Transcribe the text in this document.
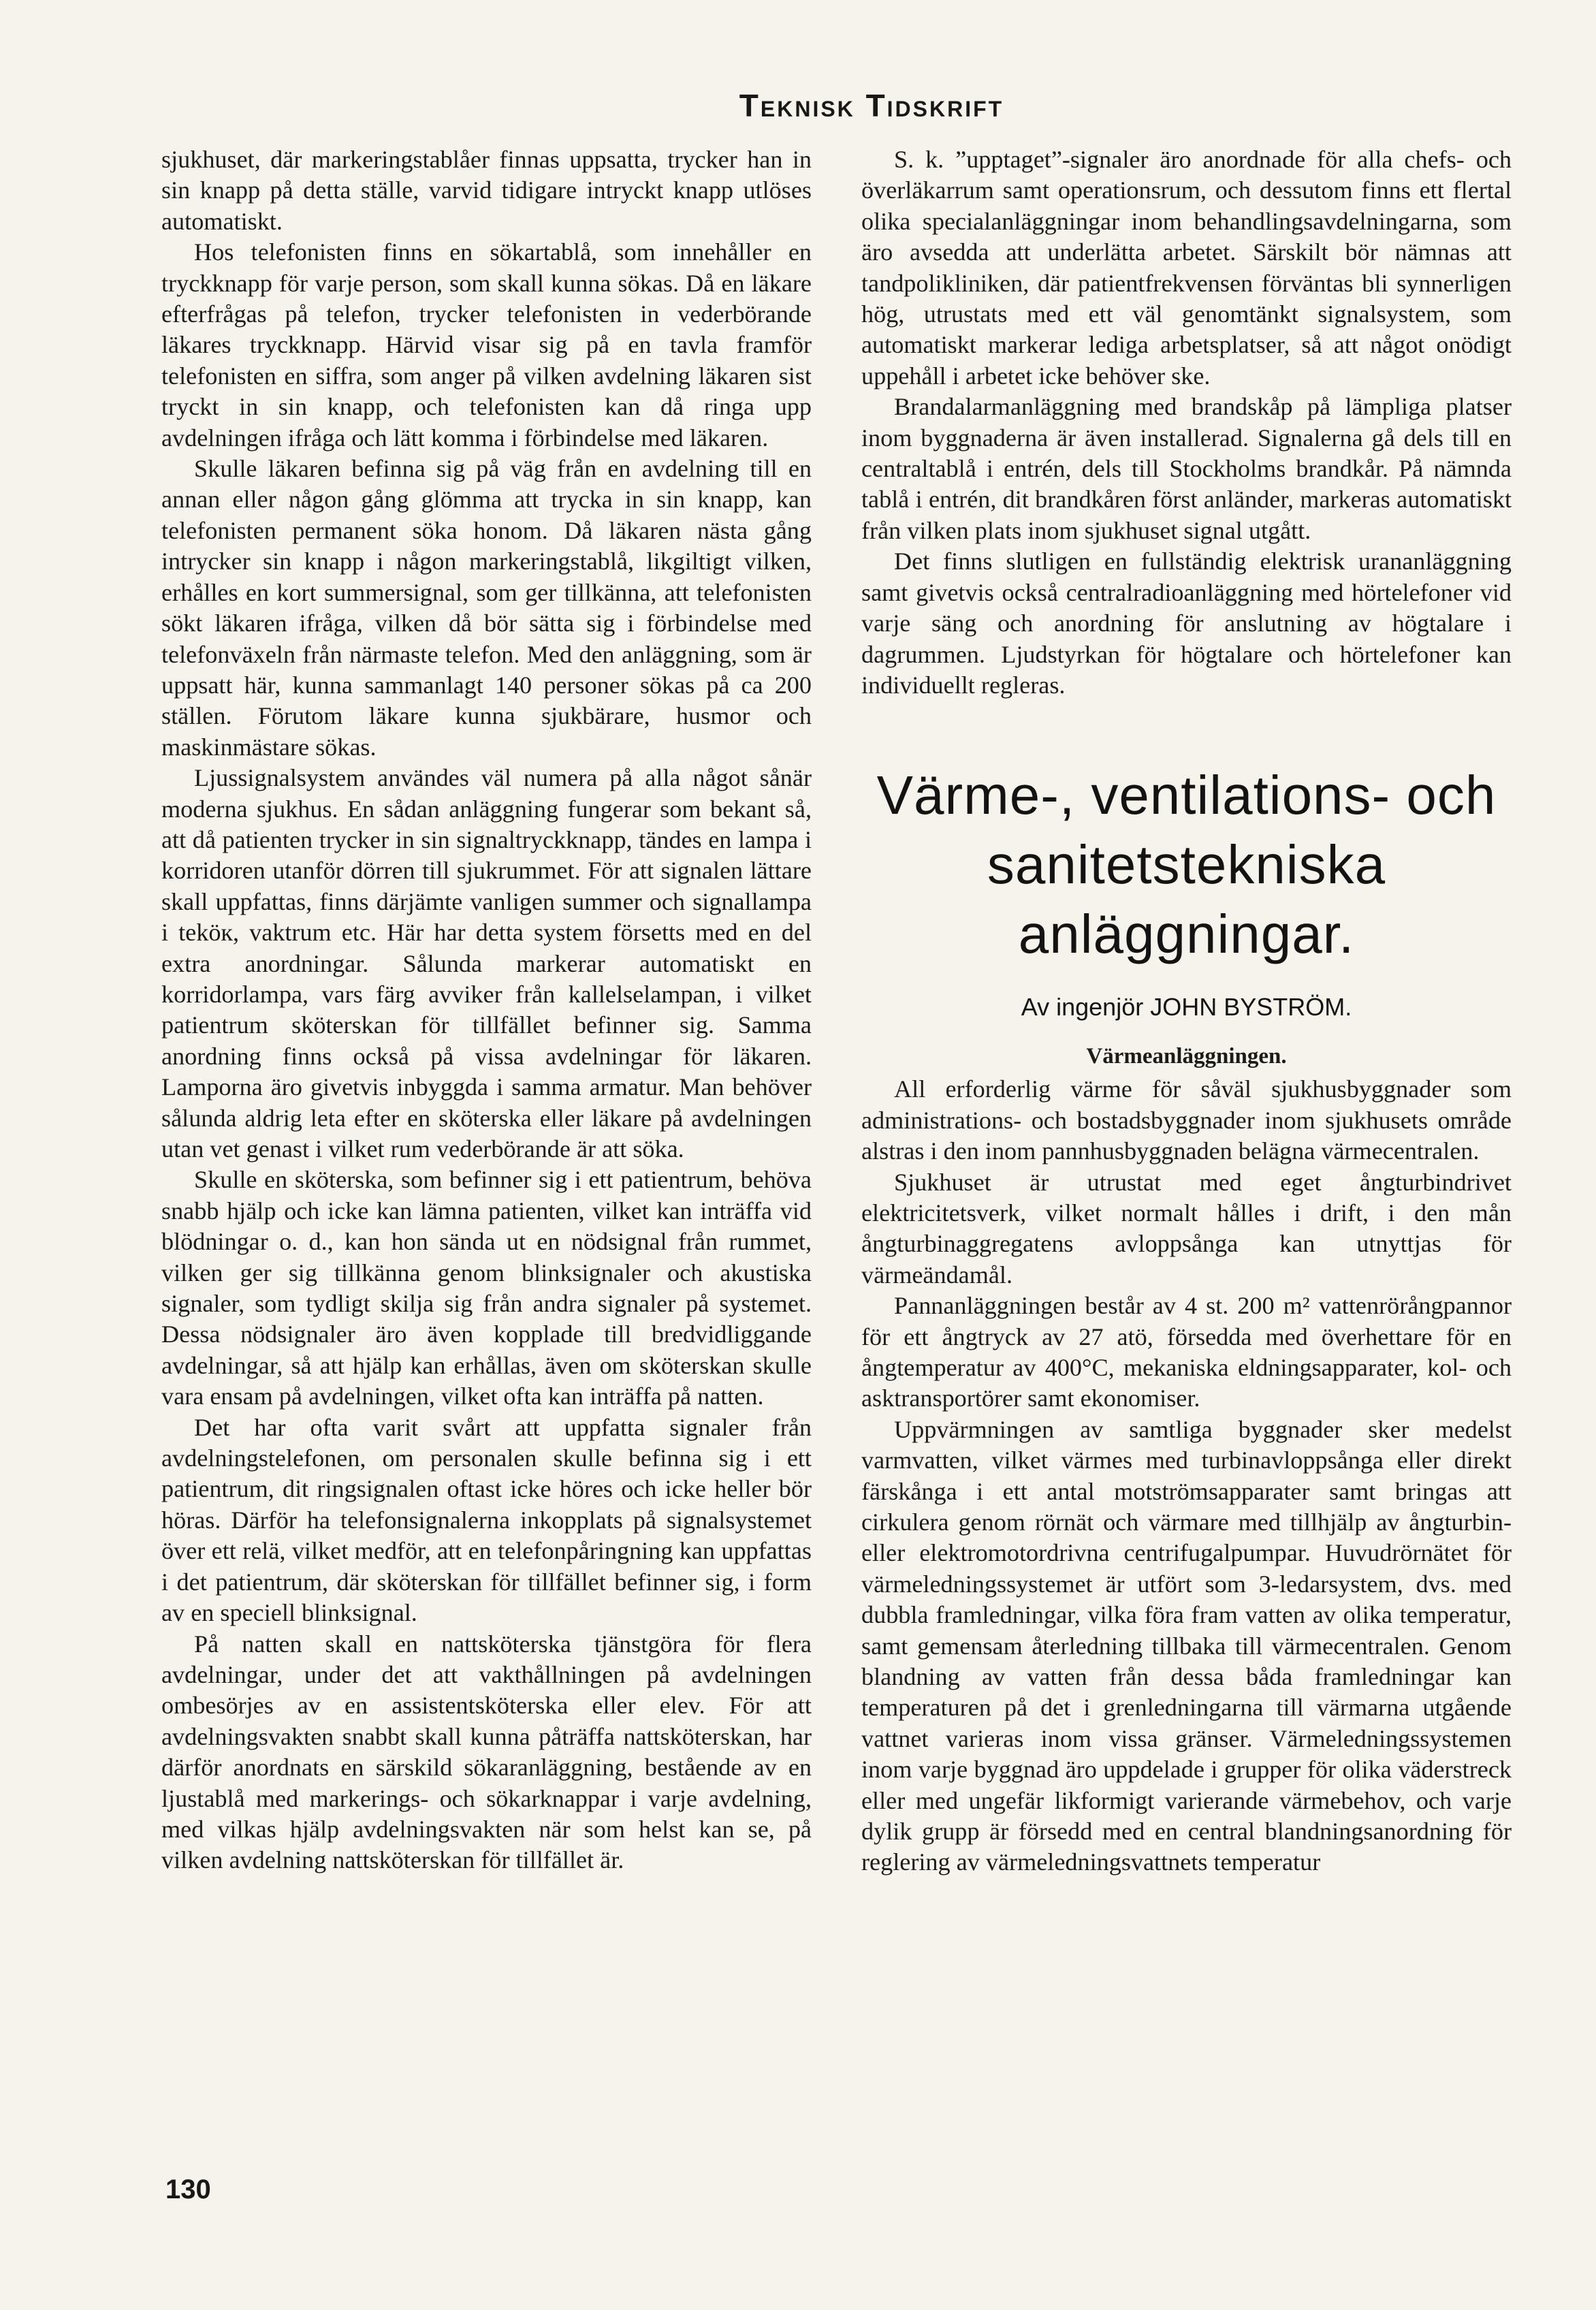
Teknisk Tidskrift

sjukhuset, där markeringstablåer finnas uppsatta, trycker han in sin knapp på detta ställe, varvid tidigare intryckt knapp utlöses automatiskt.

Hos telefonisten finns en sökartablå, som innehåller en tryckknapp för varje person, som skall kunna sökas. Då en läkare efterfrågas på telefon, trycker telefonisten in vederbörande läkares tryckknapp. Härvid visar sig på en tavla framför telefonisten en siffra, som anger på vilken avdelning läkaren sist tryckt in sin knapp, och telefonisten kan då ringa upp avdelningen ifråga och lätt komma i förbindelse med läkaren.

Skulle läkaren befinna sig på väg från en avdelning till en annan eller någon gång glömma att trycka in sin knapp, kan telefonisten permanent söka honom. Då läkaren nästa gång intrycker sin knapp i någon markeringstablå, likgiltigt vilken, erhålles en kort summersignal, som ger tillkänna, att telefonisten sökt läkaren ifråga, vilken då bör sätta sig i förbindelse med telefonväxeln från närmaste telefon. Med den anläggning, som är uppsatt här, kunna sammanlagt 140 personer sökas på ca 200 ställen. Förutom läkare kunna sjukbärare, husmor och maskinmästare sökas.

Ljussignalsystem användes väl numera på alla något sånär moderna sjukhus. En sådan anläggning fungerar som bekant så, att då patienten trycker in sin signaltryckknapp, tändes en lampa i korridoren utanför dörren till sjukrummet. För att signalen lättare skall uppfattas, finns därjämte vanligen summer och signallampa i teköк, vaktrum etc. Här har detta system försetts med en del extra anordningar. Sålunda markerar automatiskt en korridorlampa, vars färg avviker från kallelselampan, i vilket patientrum sköterskan för tillfället befinner sig. Samma anordning finns också på vissa avdelningar för läkaren. Lamporna äro givetvis inbyggda i samma armatur. Man behöver sålunda aldrig leta efter en sköterska eller läkare på avdelningen utan vet genast i vilket rum vederbörande är att söka.

Skulle en sköterska, som befinner sig i ett patientrum, behöva snabb hjälp och icke kan lämna patienten, vilket kan inträffa vid blödningar o. d., kan hon sända ut en nödsignal från rummet, vilken ger sig tillkänna genom blinksignaler och akustiska signaler, som tydligt skilja sig från andra signaler på systemet. Dessa nödsignaler äro även kopplade till bredvidliggande avdelningar, så att hjälp kan erhållas, även om sköterskan skulle vara ensam på avdelningen, vilket ofta kan inträffa på natten.

Det har ofta varit svårt att uppfatta signaler från avdelningstelefonen, om personalen skulle befinna sig i ett patientrum, dit ringsignalen oftast icke höres och icke heller bör höras. Därför ha telefonsignalerna inkopplats på signalsystemet över ett relä, vilket medför, att en telefonpåringning kan uppfattas i det patientrum, där sköterskan för tillfället befinner sig, i form av en speciell blinksignal.

På natten skall en nattsköterska tjänstgöra för flera avdelningar, under det att vakthållningen på avdelningen ombesörjes av en assistentsköterska eller elev. För att avdelningsvakten snabbt skall kunna påträffa nattsköterskan, har därför anordnats en särskild sökaranläggning, bestående av en ljustablå med markerings- och sökarknappar i varje avdelning, med vilkas hjälp avdelningsvakten när som helst kan se, på vilken avdelning nattsköterskan för tillfället är.

S. k. ”upptaget”-signaler äro anordnade för alla chefs- och överläkarrum samt operationsrum, och dessutom finns ett flertal olika specialanläggningar inom behandlingsavdelningarna, som äro avsedda att underlätta arbetet. Särskilt bör nämnas att tandpolikliniken, där patientfrekvensen förväntas bli synnerligen hög, utrustats med ett väl genomtänkt signalsystem, som automatiskt markerar lediga arbetsplatser, så att något onödigt uppehåll i arbetet icke behöver ske.

Brandalarmanläggning med brandskåp på lämpliga platser inom byggnaderna är även installerad. Signalerna gå dels till en centraltablå i entrén, dels till Stockholms brandkår. På nämnda tablå i entrén, dit brandkåren först anländer, markeras automatiskt från vilken plats inom sjukhuset signal utgått.

Det finns slutligen en fullständig elektrisk urananläggning samt givetvis också centralradioanläggning med hörtelefoner vid varje säng och anordning för anslutning av högtalare i dagrummen. Ljudstyrkan för högtalare och hörtelefoner kan individuellt regleras.

Värme-, ventilations- och sanitetstekniska anläggningar.
Av ingenjör JOHN BYSTRÖM.
Värmeanläggningen.

All erforderlig värme för såväl sjukhusbyggnader som administrations- och bostadsbyggnader inom sjukhusets område alstras i den inom pannhusbyggnaden belägna värmecentralen.

Sjukhuset är utrustat med eget ångturbindrivet elektricitetsverk, vilket normalt hålles i drift, i den mån ångturbinaggregatens avloppsånga kan utnyttjas för värmeändamål.

Pannanläggningen består av 4 st. 200 m² vattenrörångpannor för ett ångtryck av 27 atö, försedda med överhettare för en ångtemperatur av 400°C, mekaniska eldningsapparater, kol- och asktransportörer samt ekonomiser.

Uppvärmningen av samtliga byggnader sker medelst varmvatten, vilket värmes med turbinavloppsånga eller direkt färskånga i ett antal motströmsapparater samt bringas att cirkulera genom rörnät och värmare med tillhjälp av ångturbin- eller elektromotordrivna centrifugalpumpar. Huvudrörnätet för värmeledningssystemet är utfört som 3-ledarsystem, dvs. med dubbla framledningar, vilka föra fram vatten av olika temperatur, samt gemensam återledning tillbaka till värmecentralen. Genom blandning av vatten från dessa båda framledningar kan temperaturen på det i grenledningarna till värmarna utgående vattnet varieras inom vissa gränser. Värmeledningssystemen inom varje byggnad äro uppdelade i grupper för olika väderstreck eller med ungefär likformigt varierande värmebehov, och varje dylik grupp är försedd med en central blandningsanordning för reglering av värmeledningsvattnets temperatur

130
